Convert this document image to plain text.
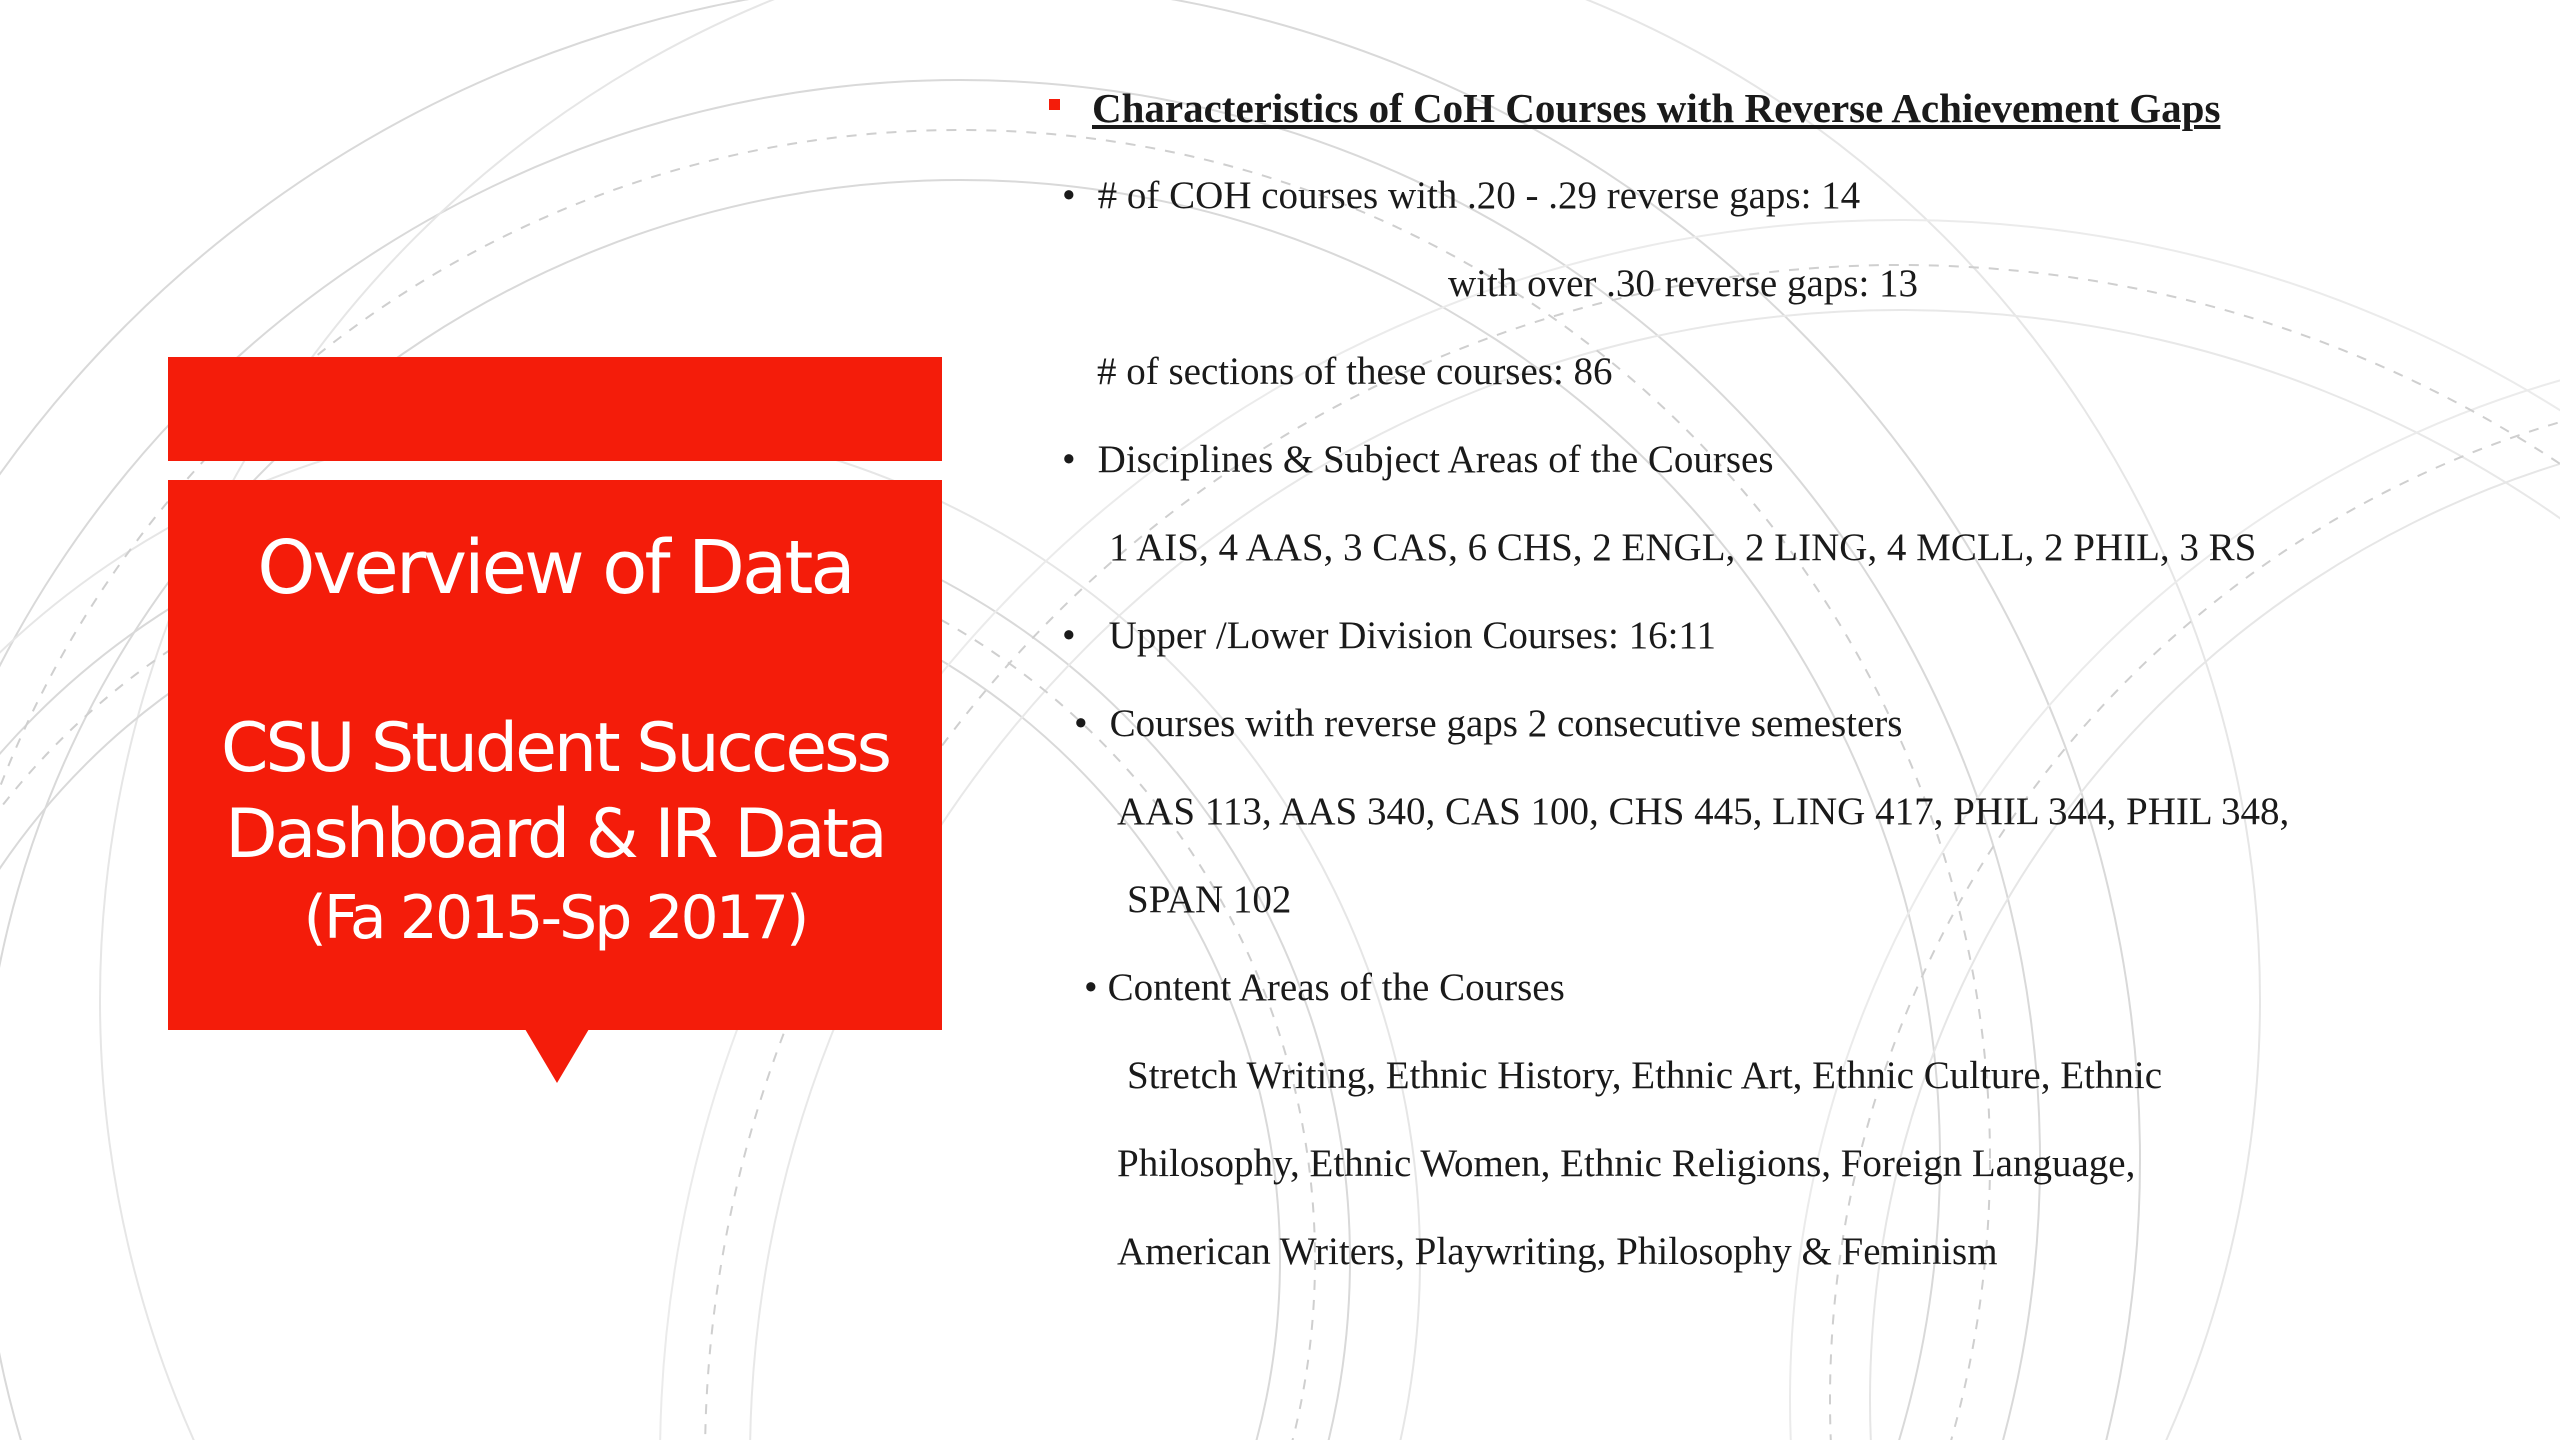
Overview of Data

CSU Student Success

Dashboard & IR Data

(Fa 2015-Sp 2017)

Characteristics of CoH Courses with Reverse Achievement Gaps
• # of COH courses with .20 - .29 reverse gaps: 14
with over .30 reverse gaps: 13
# of sections of these courses: 86
• Disciplines & Subject Areas of the Courses
1 AIS, 4 AAS, 3 CAS, 6 CHS, 2 ENGL, 2 LING, 4 MCLL, 2 PHIL, 3 RS
• Upper /Lower Division Courses: 16:11
• Courses with reverse gaps 2 consecutive semesters
AAS 113, AAS 340, CAS 100, CHS 445, LING 417, PHIL 344, PHIL 348,
SPAN 102
• Content Areas of the Courses
Stretch Writing, Ethnic History, Ethnic Art, Ethnic Culture, Ethnic
Philosophy, Ethnic Women, Ethnic Religions, Foreign Language,
American Writers, Playwriting, Philosophy & Feminism
